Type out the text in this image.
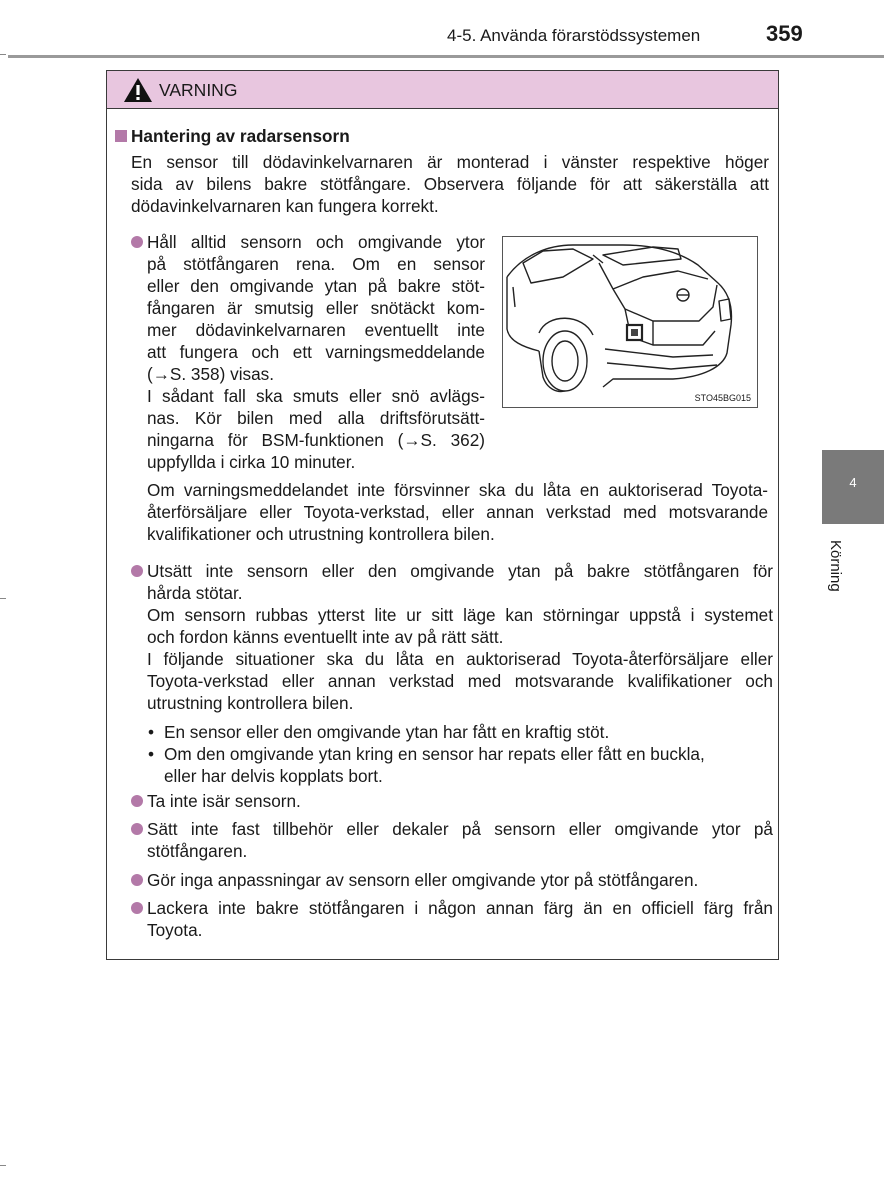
4-5. Använda förarstödssystemen	359
4
Körning
VARNING
Hantering av radarsensorn
En sensor till dödavinkelvarnaren är monterad i vänster respektive höger
sida av bilens bakre stötfångare. Observera följande för att säkerställa att
dödavinkelvarnaren kan fungera korrekt.
Håll alltid sensorn och omgivande ytor
på stötfångaren rena. Om en sensor
eller den omgivande ytan på bakre stöt-
fångaren är smutsig eller snötäckt kom-
mer dödavinkelvarnaren eventuellt inte
att fungera och ett varningsmeddelande
(→S. 358) visas.
I sådant fall ska smuts eller snö avlägs-
nas. Kör bilen med alla driftsförutsätt-
ningarna för BSM-funktionen (→S. 362)
uppfyllda i cirka 10 minuter.
STO45BG015
Om varningsmeddelandet inte försvinner ska du låta en auktoriserad Toyota-
återförsäljare eller Toyota-verkstad, eller annan verkstad med motsvarande
kvalifikationer och utrustning kontrollera bilen.
Utsätt inte sensorn eller den omgivande ytan på bakre stötfångaren för
hårda stötar.
Om sensorn rubbas ytterst lite ur sitt läge kan störningar uppstå i systemet
och fordon känns eventuellt inte av på rätt sätt.
I följande situationer ska du låta en auktoriserad Toyota-återförsäljare eller
Toyota-verkstad eller annan verkstad med motsvarande kvalifikationer och
utrustning kontrollera bilen.
• En sensor eller den omgivande ytan har fått en kraftig stöt.
• Om den omgivande ytan kring en sensor har repats eller fått en buckla,
eller har delvis kopplats bort.
Ta inte isär sensorn.
Sätt inte fast tillbehör eller dekaler på sensorn eller omgivande ytor på
stötfångaren.
Gör inga anpassningar av sensorn eller omgivande ytor på stötfångaren.
Lackera inte bakre stötfångaren i någon annan färg än en officiell färg från
Toyota.
